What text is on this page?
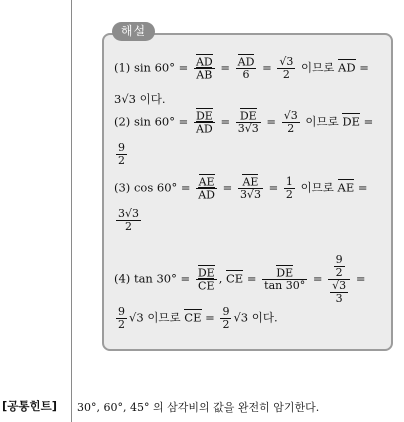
해설
(1) $\sin 60^\circ = \frac{AD}{AB} = \frac{AD}{6} = \frac{√3}{2}$ 이므로 AD =
3√3 이다.
(2) $\sin 60^\circ = \frac{DE}{AD} = \frac{DE}{3√3} = \frac{√3}{2}$ 이므로 DE =
$\frac{9}{2}$
(3) $\cos 60^\circ = \frac{AE}{AD} = \frac{AE}{3√3} = \frac{1}{2}$ 이므로 AE =
$\frac{3√3}{2}$
(4) $\tan 30^\circ = \frac{DE}{CE}$ , CE = $\frac{DE}{\tan 30^\circ} = \frac{\frac{9}{2}}{\frac{√3}{3}}$ =
$\frac{9}{2} √3$ 이므로 CE = $\frac{9}{2} √3$ 이다.
[공통힌트] 30°, 60°, 45° 의 삼각비의 값을 완전히 암기한다.
